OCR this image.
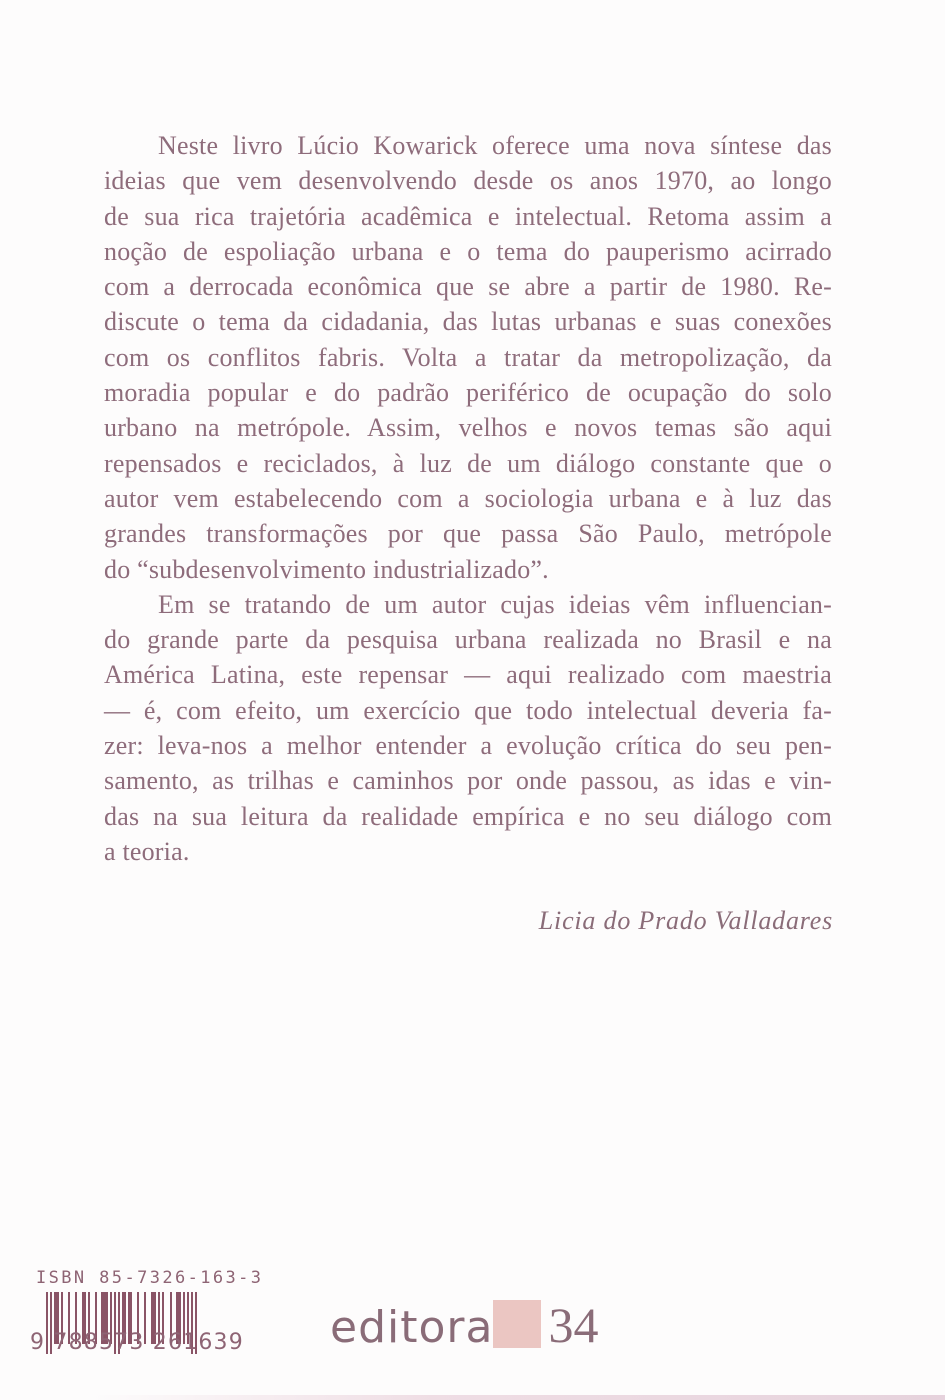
Neste livro Lúcio Kowarick oferece uma nova síntese das
ideias que vem desenvolvendo desde os anos 1970, ao longo
de sua rica trajetória acadêmica e intelectual. Retoma assim a
noção de espoliação urbana e o tema do pauperismo acirrado
com a derrocada econômica que se abre a partir de 1980. Re-
discute o tema da cidadania, das lutas urbanas e suas conexões
com os conflitos fabris. Volta a tratar da metropolização, da
moradia popular e do padrão periférico de ocupação do solo
urbano na metrópole. Assim, velhos e novos temas são aqui
repensados e reciclados, à luz de um diálogo constante que o
autor vem estabelecendo com a sociologia urbana e à luz das
grandes transformações por que passa São Paulo, metrópole
do “subdesenvolvimento industrializado”.
Em se tratando de um autor cujas ideias vêm influencian-
do grande parte da pesquisa urbana realizada no Brasil e na
América Latina, este repensar — aqui realizado com maestria
— é, com efeito, um exercício que todo intelectual deveria fa-
zer: leva-nos a melhor entender a evolução crítica do seu pen-
samento, as trilhas e caminhos por onde passou, as idas e vin-
das na sua leitura da realidade empírica e no seu diálogo com
a teoria.
Licia do Prado Valladares
ISBN 85-7326-163-3
9 788573 261639 editora 34
